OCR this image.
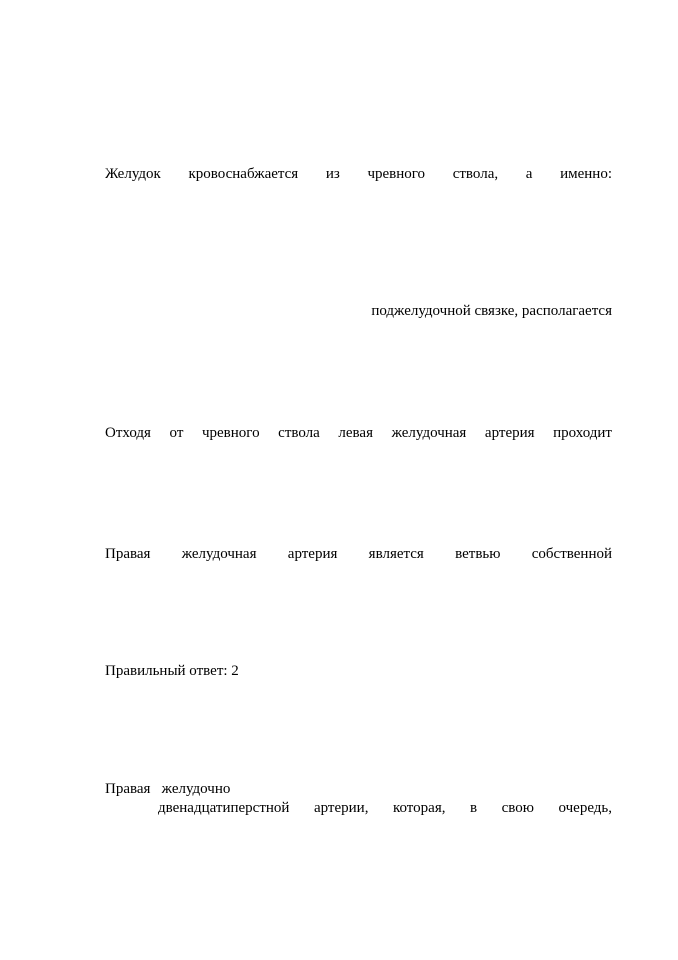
Желудок кровоснабжается из чревного ствола, а именно:
поджелудочной связке, располагается
Отходя от чревного ствола левая желудочная артерия проходит
Правая желудочная артерия является ветвью собственной
Правильный ответ: 2
Правая   желудочно
двенадцатиперстной артерии, которая, в свою очередь,
